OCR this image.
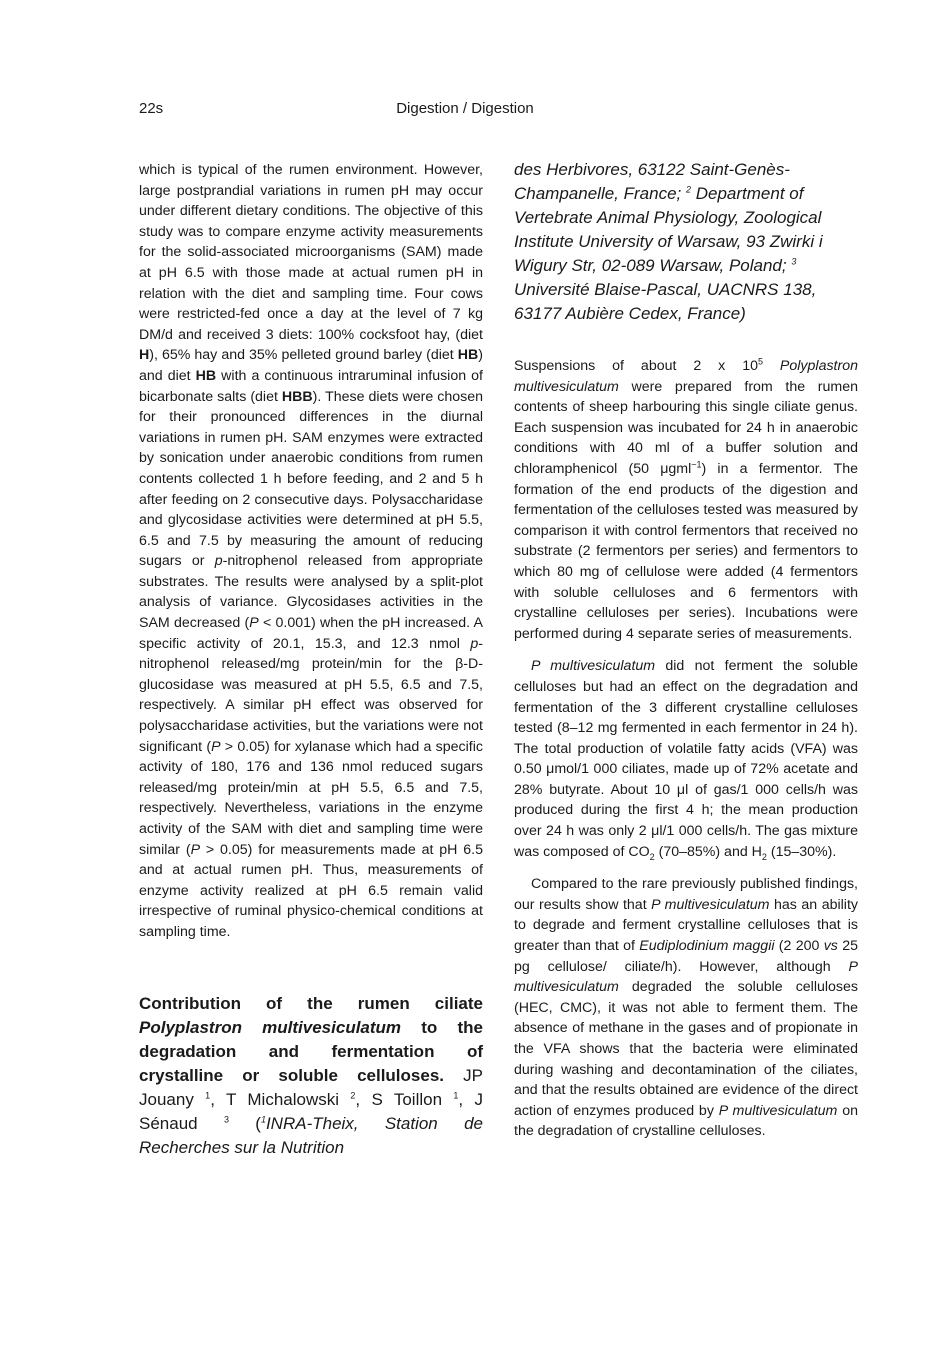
22s	Digestion / Digestion

which is typical of the rumen environment. However, large postprandial variations in rumen pH may occur under different dietary conditions. The objective of this study was to compare enzyme activity measurements for the solid-associated microorganisms (SAM) made at pH 6.5 with those made at actual rumen pH in relation with the diet and sampling time. Four cows were restricted-fed once a day at the level of 7 kg DM/d and received 3 diets: 100% cocksfoot hay, (diet H), 65% hay and 35% pelleted ground barley (diet HB) and diet HB with a continuous intraruminal infusion of bicarbonate salts (diet HBB). These diets were chosen for their pronounced differences in the diurnal variations in rumen pH. SAM enzymes were extracted by sonication under anaerobic conditions from rumen contents collected 1 h before feeding, and 2 and 5 h after feeding on 2 consecutive days. Polysaccharidase and glycosidase activities were determined at pH 5.5, 6.5 and 7.5 by measuring the amount of reducing sugars or p-nitrophenol released from appropriate substrates. The results were analysed by a split-plot analysis of variance. Glycosidases activities in the SAM decreased (P < 0.001) when the pH increased. A specific activity of 20.1, 15.3, and 12.3 nmol p-nitrophenol released/mg protein/min for the β-D-glucosidase was measured at pH 5.5, 6.5 and 7.5, respectively. A similar pH effect was observed for polysaccharidase activities, but the variations were not significant (P > 0.05) for xylanase which had a specific activity of 180, 176 and 136 nmol reduced sugars released/mg protein/min at pH 5.5, 6.5 and 7.5, respectively. Nevertheless, variations in the enzyme activity of the SAM with diet and sampling time were similar (P > 0.05) for measurements made at pH 6.5 and at actual rumen pH. Thus, measurements of enzyme activity realized at pH 6.5 remain valid irrespective of ruminal physico-chemical conditions at sampling time.

Contribution of the rumen ciliate Polyplastron multivesiculatum to the degradation and fermentation of crystalline or soluble celluloses. JP Jouany $^1$, T Michalowski $^2$, S Toillon $^1$, J Sénaud $^3$ ($^1$INRA-Theix, Station de Recherches sur la Nutrition

des Herbivores, 63122 Saint-Genès-Champanelle, France; $^2$ Department of Vertebrate Animal Physiology, Zoological Institute University of Warsaw, 93 Zwirki i Wigury Str, 02-089 Warsaw, Poland; $^3$ Université Blaise-Pascal, UACNRS 138, 63177 Aubière Cedex, France)

Suspensions of about 2 x $10^5$ Polyplastron multivesiculatum were prepared from the rumen contents of sheep harbouring this single ciliate genus. Each suspension was incubated for 24 h in anaerobic conditions with 40 ml of a buffer solution and chloramphenicol (50 μgml$^{-1}$) in a fermentor. The formation of the end products of the digestion and fermentation of the celluloses tested was measured by comparison it with control fermentors that received no substrate (2 fermentors per series) and fermentors to which 80 mg of cellulose were added (4 fermentors with soluble celluloses and 6 fermentors with crystalline celluloses per series). Incubations were performed during 4 separate series of measurements.

P multivesiculatum did not ferment the soluble celluloses but had an effect on the degradation and fermentation of the 3 different crystalline celluloses tested (8–12 mg fermented in each fermentor in 24 h). The total production of volatile fatty acids (VFA) was 0.50 μmol/1 000 ciliates, made up of 72% acetate and 28% butyrate. About 10 μl of gas/1 000 cells/h was produced during the first 4 h; the mean production over 24 h was only 2 μl/1 000 cells/h. The gas mixture was composed of $CO_2$ (70–85%) and $H_2$ (15–30%).

Compared to the rare previously published findings, our results show that P multivesiculatum has an ability to degrade and ferment crystalline celluloses that is greater than that of Eudiplodinium maggii (2 200 vs 25 pg cellulose/ ciliate/h). However, although P multivesiculatum degraded the soluble celluloses (HEC, CMC), it was not able to ferment them. The absence of methane in the gases and of propionate in the VFA shows that the bacteria were eliminated during washing and decontamination of the ciliates, and that the results obtained are evidence of the direct action of enzymes produced by P multivesiculatum on the degradation of crystalline celluloses.
